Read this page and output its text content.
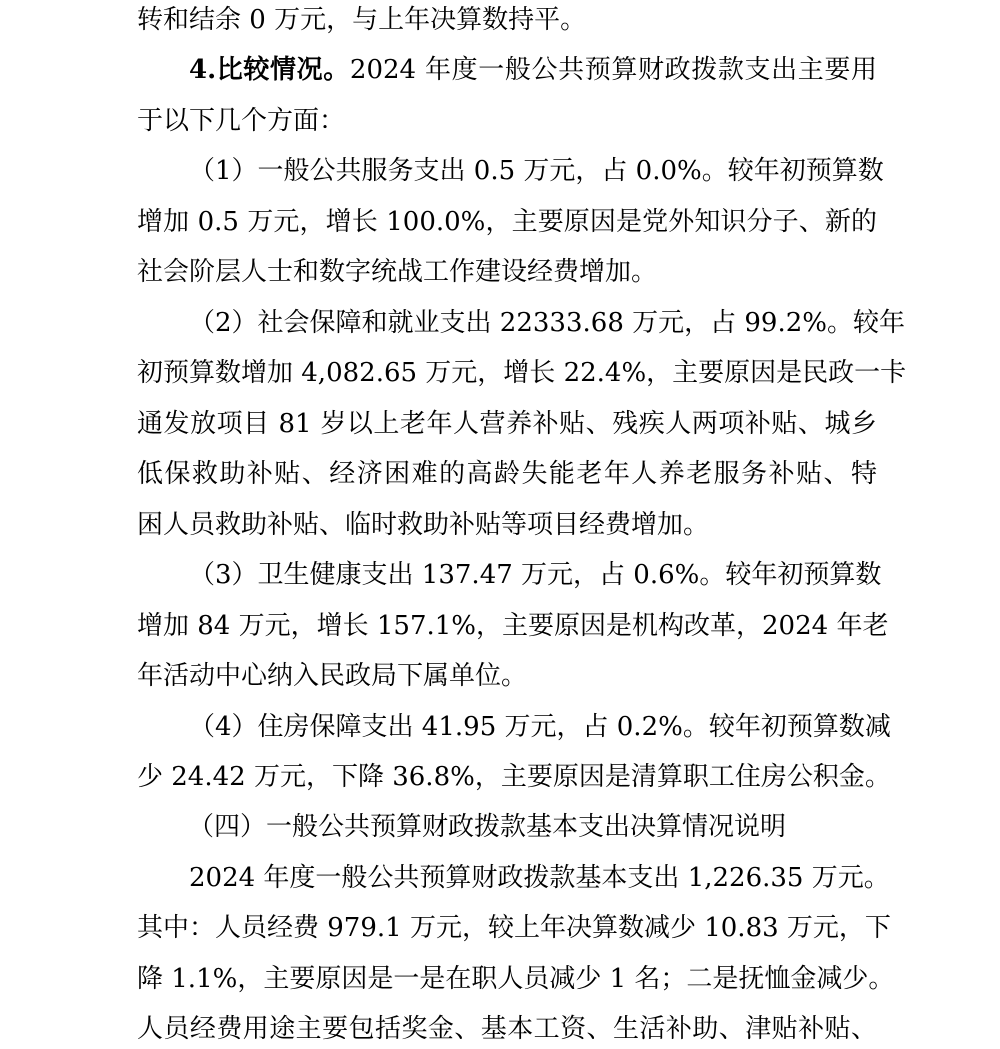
转和结余 0 万元，与上年决算数持平。
4.比较情况。2024 年度一般公共预算财政拨款支出主要用
于以下几个方面：
（1）一般公共服务支出 0.5 万元，占 0.0%。较年初预算数
增加 0.5 万元，增长 100.0%，主要原因是党外知识分子、新的
社会阶层人士和数字统战工作建设经费增加。
（2）社会保障和就业支出 22333.68 万元，占 99.2%。较年
初预算数增加 4,082.65 万元，增长 22.4%，主要原因是民政一卡
通发放项目 81 岁以上老年人营养补贴、残疾人两项补贴、城乡
低保救助补贴、经济困难的高龄失能老年人养老服务补贴、特
困人员救助补贴、临时救助补贴等项目经费增加。
（3）卫生健康支出 137.47 万元，占 0.6%。较年初预算数
增加 84 万元，增长 157.1%，主要原因是机构改革，2024 年老
年活动中心纳入民政局下属单位。
（4）住房保障支出 41.95 万元，占 0.2%。较年初预算数减
少 24.42 万元，下降 36.8%，主要原因是清算职工住房公积金。
（四）一般公共预算财政拨款基本支出决算情况说明
2024 年度一般公共预算财政拨款基本支出 1,226.35 万元。
其中：人员经费 979.1 万元，较上年决算数减少 10.83 万元，下
降 1.1%，主要原因是一是在职人员减少 1 名；二是抚恤金减少。
人员经费用途主要包括奖金、基本工资、生活补助、津贴补贴、
